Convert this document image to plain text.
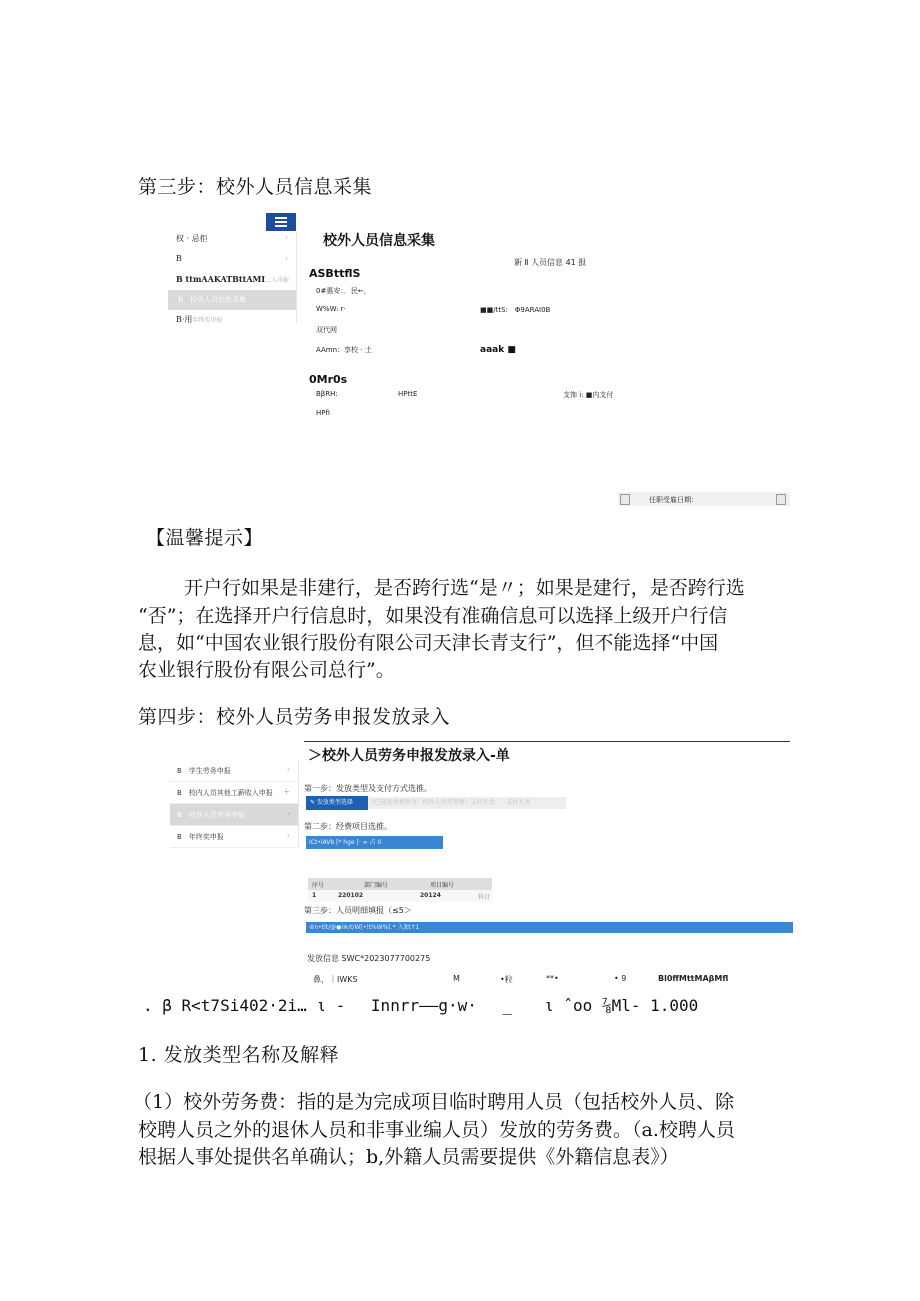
第三步：校外人员信息采集
权 · 忌拒	›
B	›
B ttmAAKATBttAMI…入申报
B　校外人员信息采集
B·用年终奖申报
校外人员信息采集
新 Ⅱ 人员信息 41 报
ASBttflS
0#惠安：．民←，
W%W: r·	■■/ttS:　 Φ9ARAI0B
双代网
AAmn：享校 · 土	aaak ■
0Mr0s
BβRH:	HPttE	支饰 i: ■内支付
HPfi
任职受雇日期：
【温馨提示】
开户行如果是非建行，是否跨行选“是〃；如果是建行，是否跨行选
“否”；在选择开户行信息时，如果没有准确信息可以选择上级开户行信
息，如“中国农业银行股份有限公司天津长青支行”，但不能选择“中国
农业银行股份有限公司总行”。
第四步：校外人员劳务申报发放录入
＞校外人员劳务申报发放录入-单
B　学生劳务申报	›
B　校内人员其他工薪收入申报 +
B　校外人员劳务申报	›
B　年终奖申报	›
第一步：发放类型及支付方式选推。
✎ 发放类型选择	(已选发放类型为：校外人员劳务费）支付方式： 支付方式
第二步：经费项目选推。
ICt•lAVb [* hge [· ∞ 占 0
序号	部门编号	项目编号
1	220102	20124	科目
第三步：人员明细填报（≤5＞
④n•tlt/@●l※/t/W[•!t%W%[.* 入]tt↑1
发放信息 SWC*2023077700275
鼻，｜IWKS	M	•粒	**•	• 9	Bl0ffMttMAβMfl
. β R<t7Si402·2i… ι -　 Innrr——g·w·　 _　　ι ˆoo ⅞Ml- 1.000
1. 发放类型名称及解释
（1）校外劳务费：指的是为完成项目临时聘用人员（包括校外人员、除
校聘人员之外的退休人员和非事业编人员）发放的劳务费。（a.校聘人员
根据人事处提供名单确认；b,外籍人员需要提供《外籍信息表》）
